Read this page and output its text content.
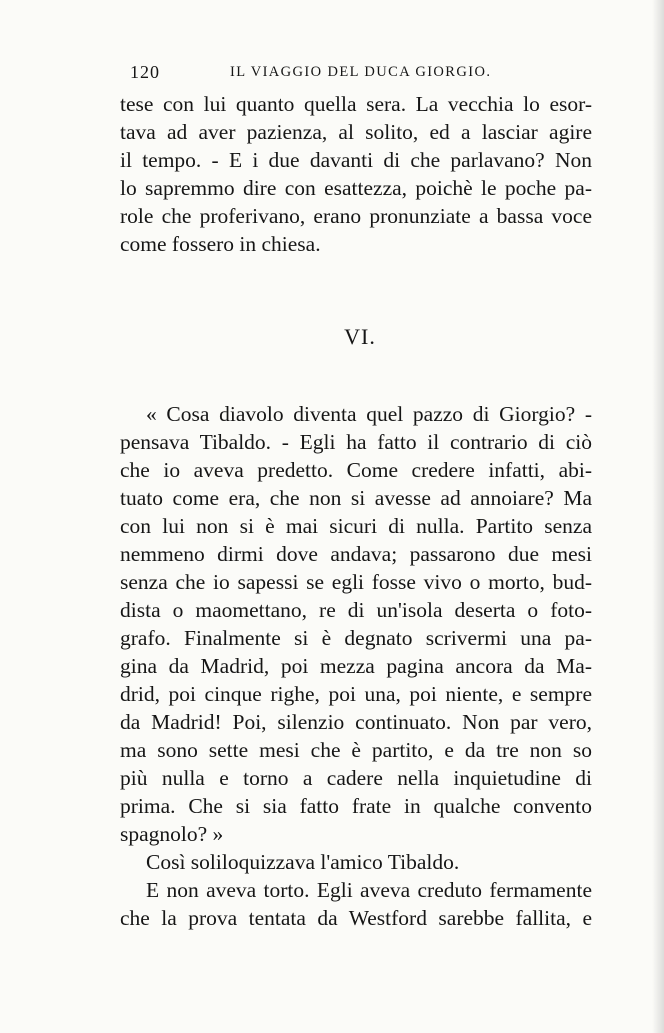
120	IL VIAGGIO DEL DUCA GIORGIO.
tese con lui quanto quella sera. La vecchia lo esor-
tava ad aver pazienza, al solito, ed a lasciar agire
il tempo. - E i due davanti di che parlavano? Non
lo sapremmo dire con esattezza, poichè le poche pa-
role che proferivano, erano pronunziate a bassa voce
come fossero in chiesa.
VI.
« Cosa diavolo diventa quel pazzo di Giorgio? -
pensava Tibaldo. - Egli ha fatto il contrario di ciò
che io aveva predetto. Come credere infatti, abi-
tuato come era, che non si avesse ad annoiare? Ma
con lui non si è mai sicuri di nulla. Partito senza
nemmeno dirmi dove andava; passarono due mesi
senza che io sapessi se egli fosse vivo o morto, bud-
dista o maomettano, re di un'isola deserta o foto-
grafo. Finalmente si è degnato scrivermi una pa-
gina da Madrid, poi mezza pagina ancora da Ma-
drid, poi cinque righe, poi una, poi niente, e sempre
da Madrid! Poi, silenzio continuato. Non par vero,
ma sono sette mesi che è partito, e da tre non so
più nulla e torno a cadere nella inquietudine di
prima. Che si sia fatto frate in qualche convento
spagnolo? »
Così soliloquizzava l'amico Tibaldo.
E non aveva torto. Egli aveva creduto fermamente
che la prova tentata da Westford sarebbe fallita, e
